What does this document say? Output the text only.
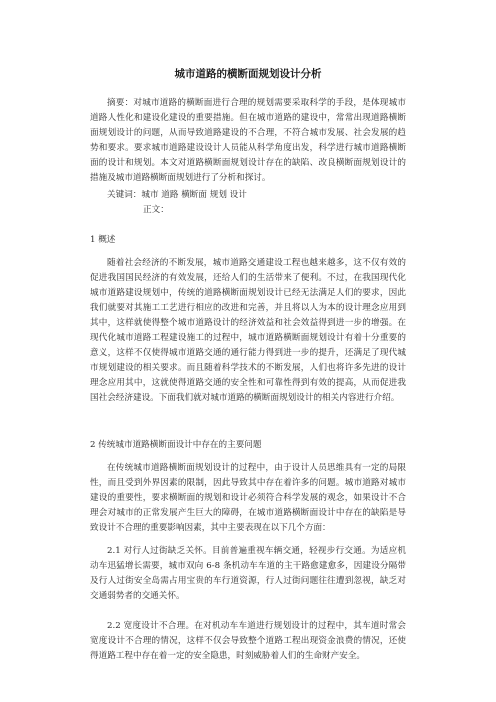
城市道路的横断面规划设计分析

摘要：对城市道路的横断面进行合理的规划需要采取科学的手段，是体现城市道路人性化和建设化建设的重要措施。但在城市道路的建设中，常常出现道路横断面规划设计的问题，从而导致道路建设的不合理，不符合城市发展、社会发展的趋势和要求。要求城市道路建设设计人员能从科学角度出发，科学进行城市道路横断面的设计和规划。本文对道路横断面规划设计存在的缺陷、改良横断面规划设计的措施及城市道路横断面规划进行了分析和探讨。

关键词：城市 道路 横断面 规划 设计
正文：
1 概述

随着社会经济的不断发展，城市道路交通建设工程也越来越多，这不仅有效的促进我国国民经济的有效发展，还给人们的生活带来了便利。不过，在我国现代化城市道路建设规划中，传统的道路横断面规划设计已经无法满足人们的要求，因此我们就要对其施工工艺进行相应的改进和完善，并且将以人为本的设计理念应用到其中，这样就使得整个城市道路设计的经济效益和社会效益得到进一步的增强。在现代化城市道路工程建设施工的过程中，城市道路横断面规划设计有着十分重要的意义，这样不仅使得城市道路交通的通行能力得到进一步的提升，还满足了现代城市规划建设的相关要求。而且随着科学技术的不断发展，人们也将许多先进的设计理念应用其中，这就使得道路交通的安全性和可靠性得到有效的提高，从而促进我国社会经济建设。下面我们就对城市道路的横断面规划设计的相关内容进行介绍。

2 传统城市道路横断面设计中存在的主要问题

在传统城市道路横断面规划设计的过程中，由于设计人员思维具有一定的局限性，而且受到外界因素的限制，因此导致其中存在着许多的问题。城市道路对城市建设的重要性，要求横断面的规划和设计必须符合科学发展的观念，如果设计不合理会对城市的正常发展产生巨大的障碍，在城市道路横断面设计中存在的缺陷是导致设计不合理的重要影响因素，其中主要表现在以下几个方面：

2.1 对行人过街缺乏关怀。目前普遍重视车辆交通，轻视步行交通。为适应机动车迅猛增长需要，城市双向 6-8 条机动车车道的主干路愈建愈多，因建设分隔带及行人过街安全岛需占用宝贵的车行道资源，行人过街问题往往遭到忽视，缺乏对交通弱势者的交通关怀。

2.2 宽度设计不合理。在对机动车车道进行规划设计的过程中，其车道时常会宽度设计不合理的情况，这样不仅会导致整个道路工程出现资金浪费的情况，还使得道路工程中存在着一定的安全隐患，时刻威胁着人们的生命财产安全。
